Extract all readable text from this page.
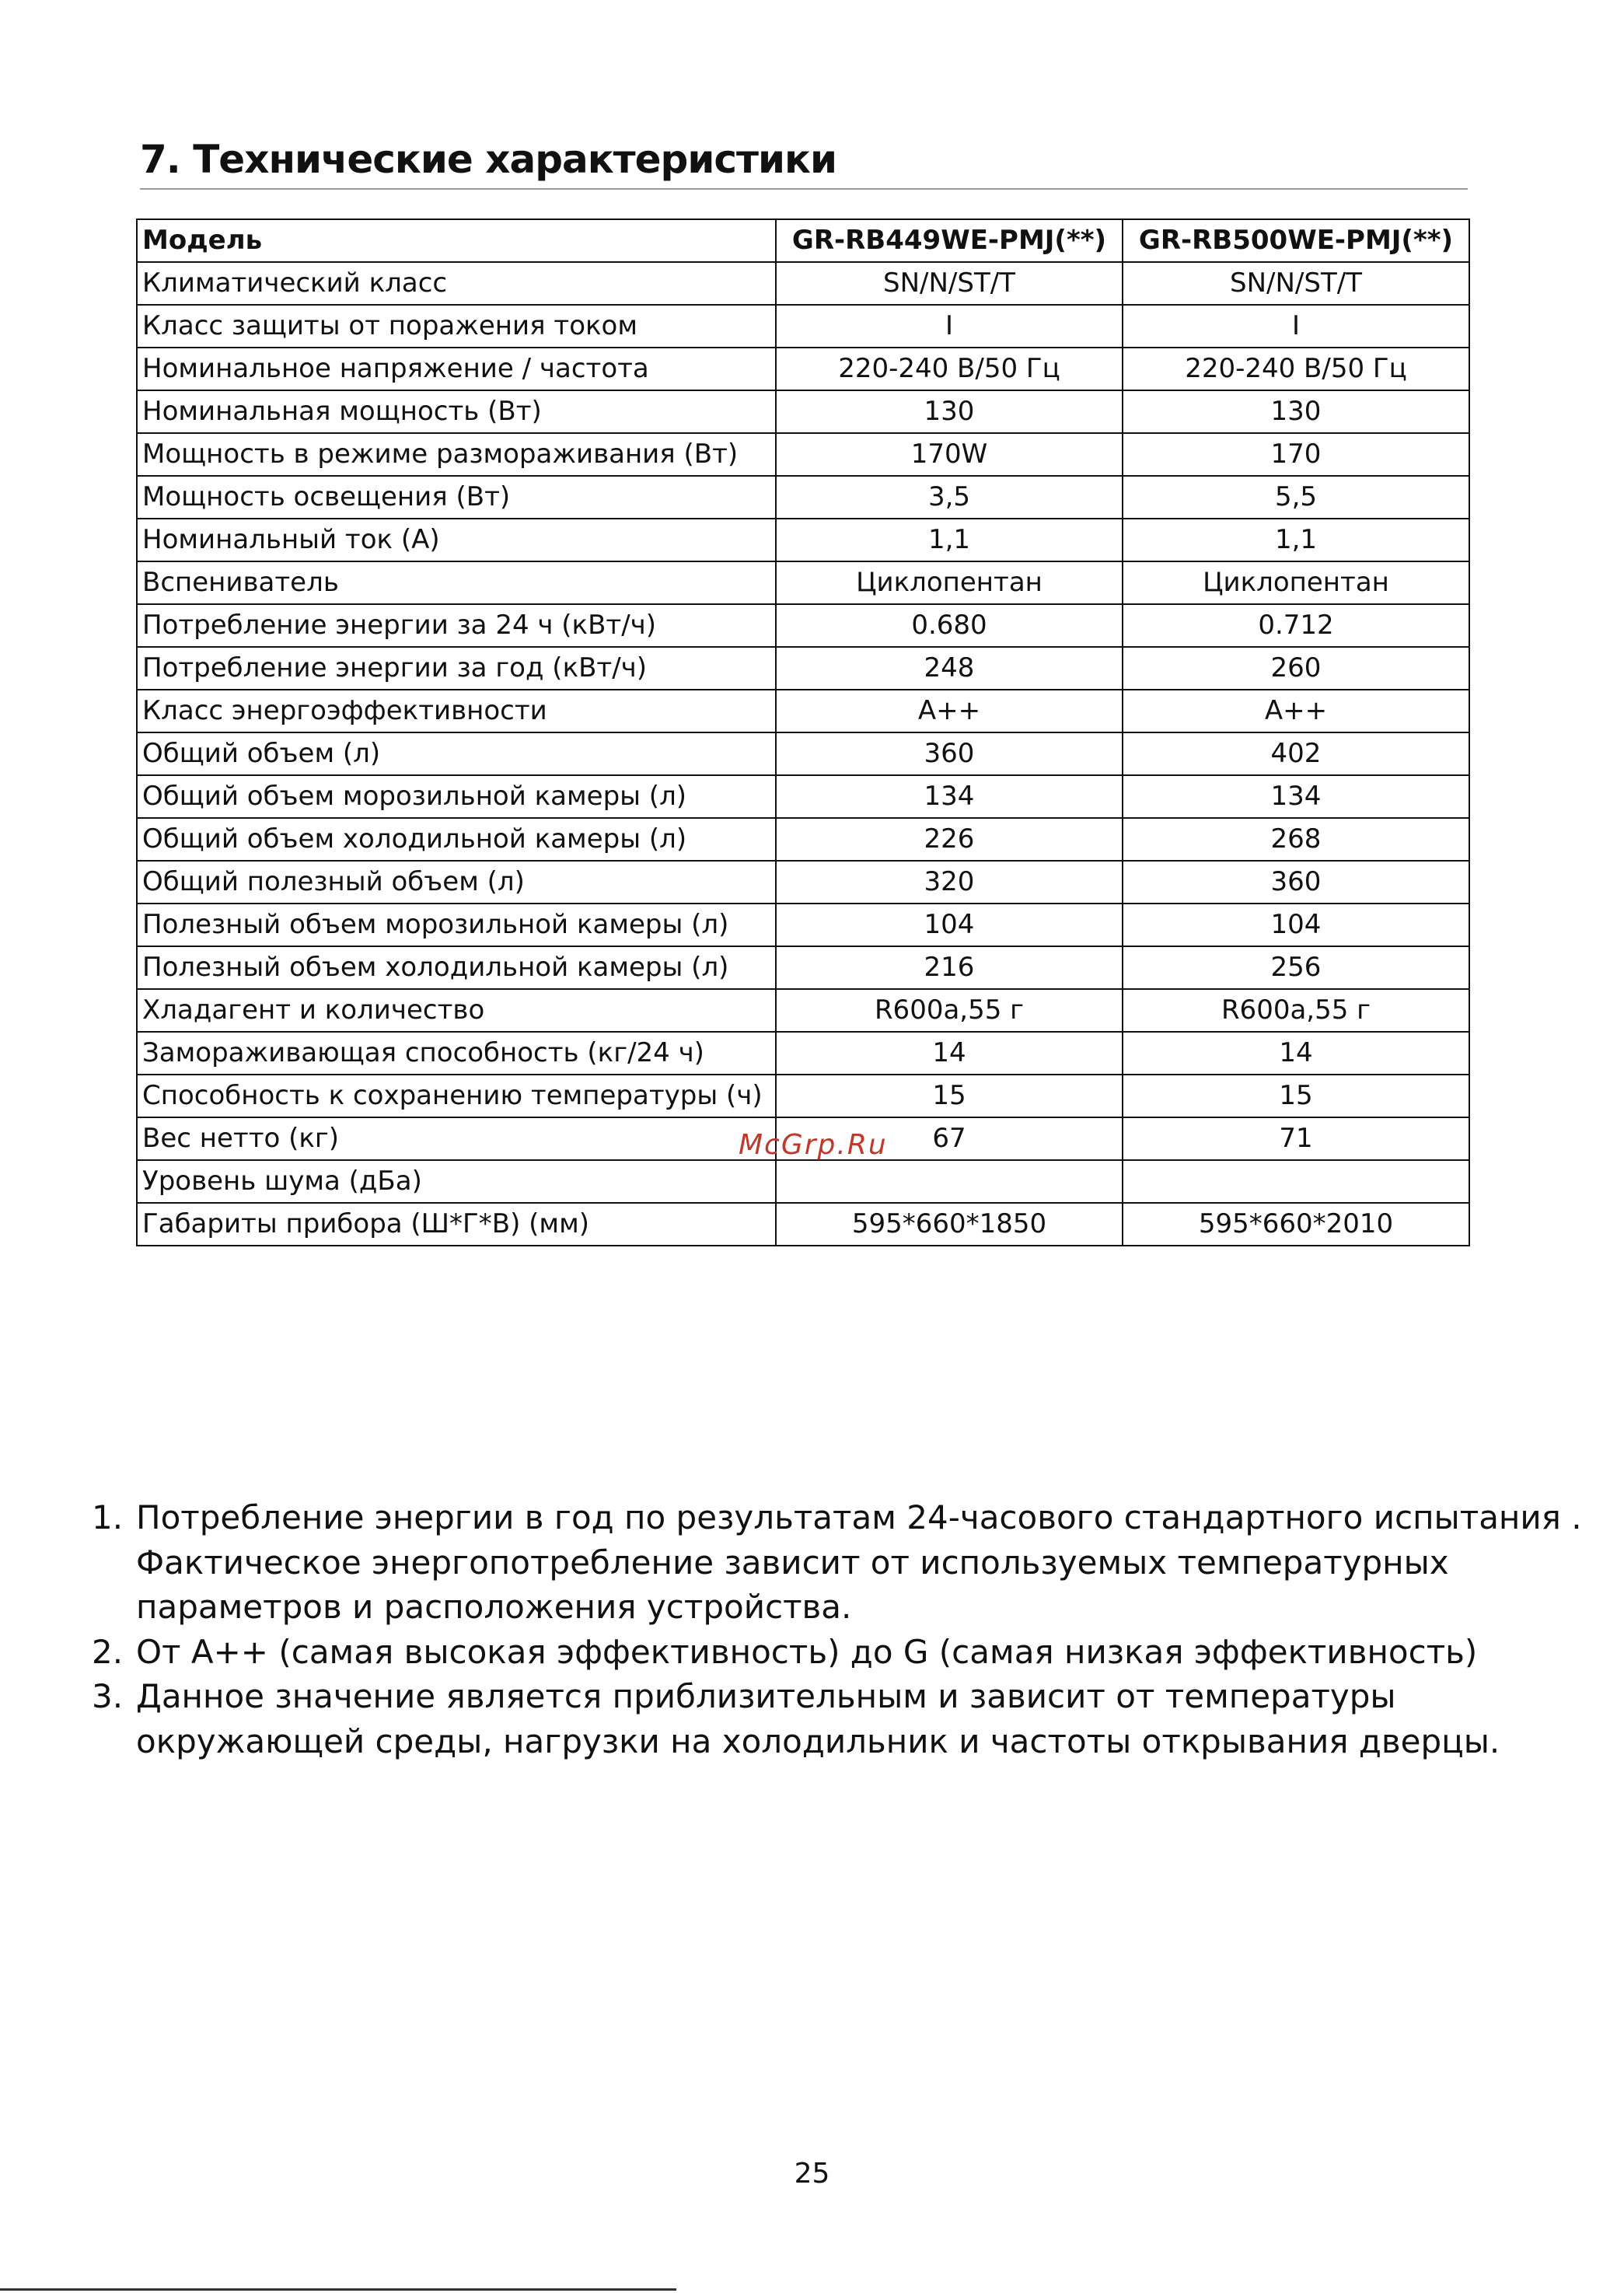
7. Технические характеристики
Модель	GR-RB449WE-PMJ(**)	GR-RB500WE-PMJ(**)
Климатический класс	SN/N/ST/T	SN/N/ST/T
Класс защиты от поражения током	I	I
Номинальное напряжение / частота	220-240 В/50 Гц	220-240 В/50 Гц
Номинальная мощность (Вт)	130	130
Мощность в режиме размораживания (Вт)	170W	170
Мощность освещения (Вт)	3,5	5,5
Номинальный ток (А)	1,1	1,1
Вспениватель	Циклопентан	Циклопентан
Потребление энергии за 24 ч (кВт/ч)	0.680	0.712
Потребление энергии за год (кВт/ч)	248	260
Класс энергоэффективности	А++	А++
Общий объем (л)	360	402
Общий объем морозильной камеры (л)	134	134
Общий объем холодильной камеры (л)	226	268
Общий полезный объем (л)	320	360
Полезный объем морозильной камеры (л)	104	104
Полезный объем холодильной камеры (л)	216	256
Хладагент и количество	R600a,55 г	R600a,55 г
Замораживающая способность (кг/24 ч)	14	14
Способность к сохранению температуры (ч)	15	15
Вес нетто (кг)	67	71
Уровень шума (дБа)		
Габариты прибора (Ш*Г*В) (мм)	595*660*1850	595*660*2010
McGrp.Ru
1. Потребление энергии в год по результатам 24-часового стандартного испытания .
Фактическое энергопотребление зависит от используемых температурных
параметров и расположения устройства.
2. От А++ (самая высокая эффективность) до G (самая низкая эффективность)
3. Данное значение является приблизительным и зависит от температуры
окружающей среды, нагрузки на холодильник и частоты открывания дверцы.
25
